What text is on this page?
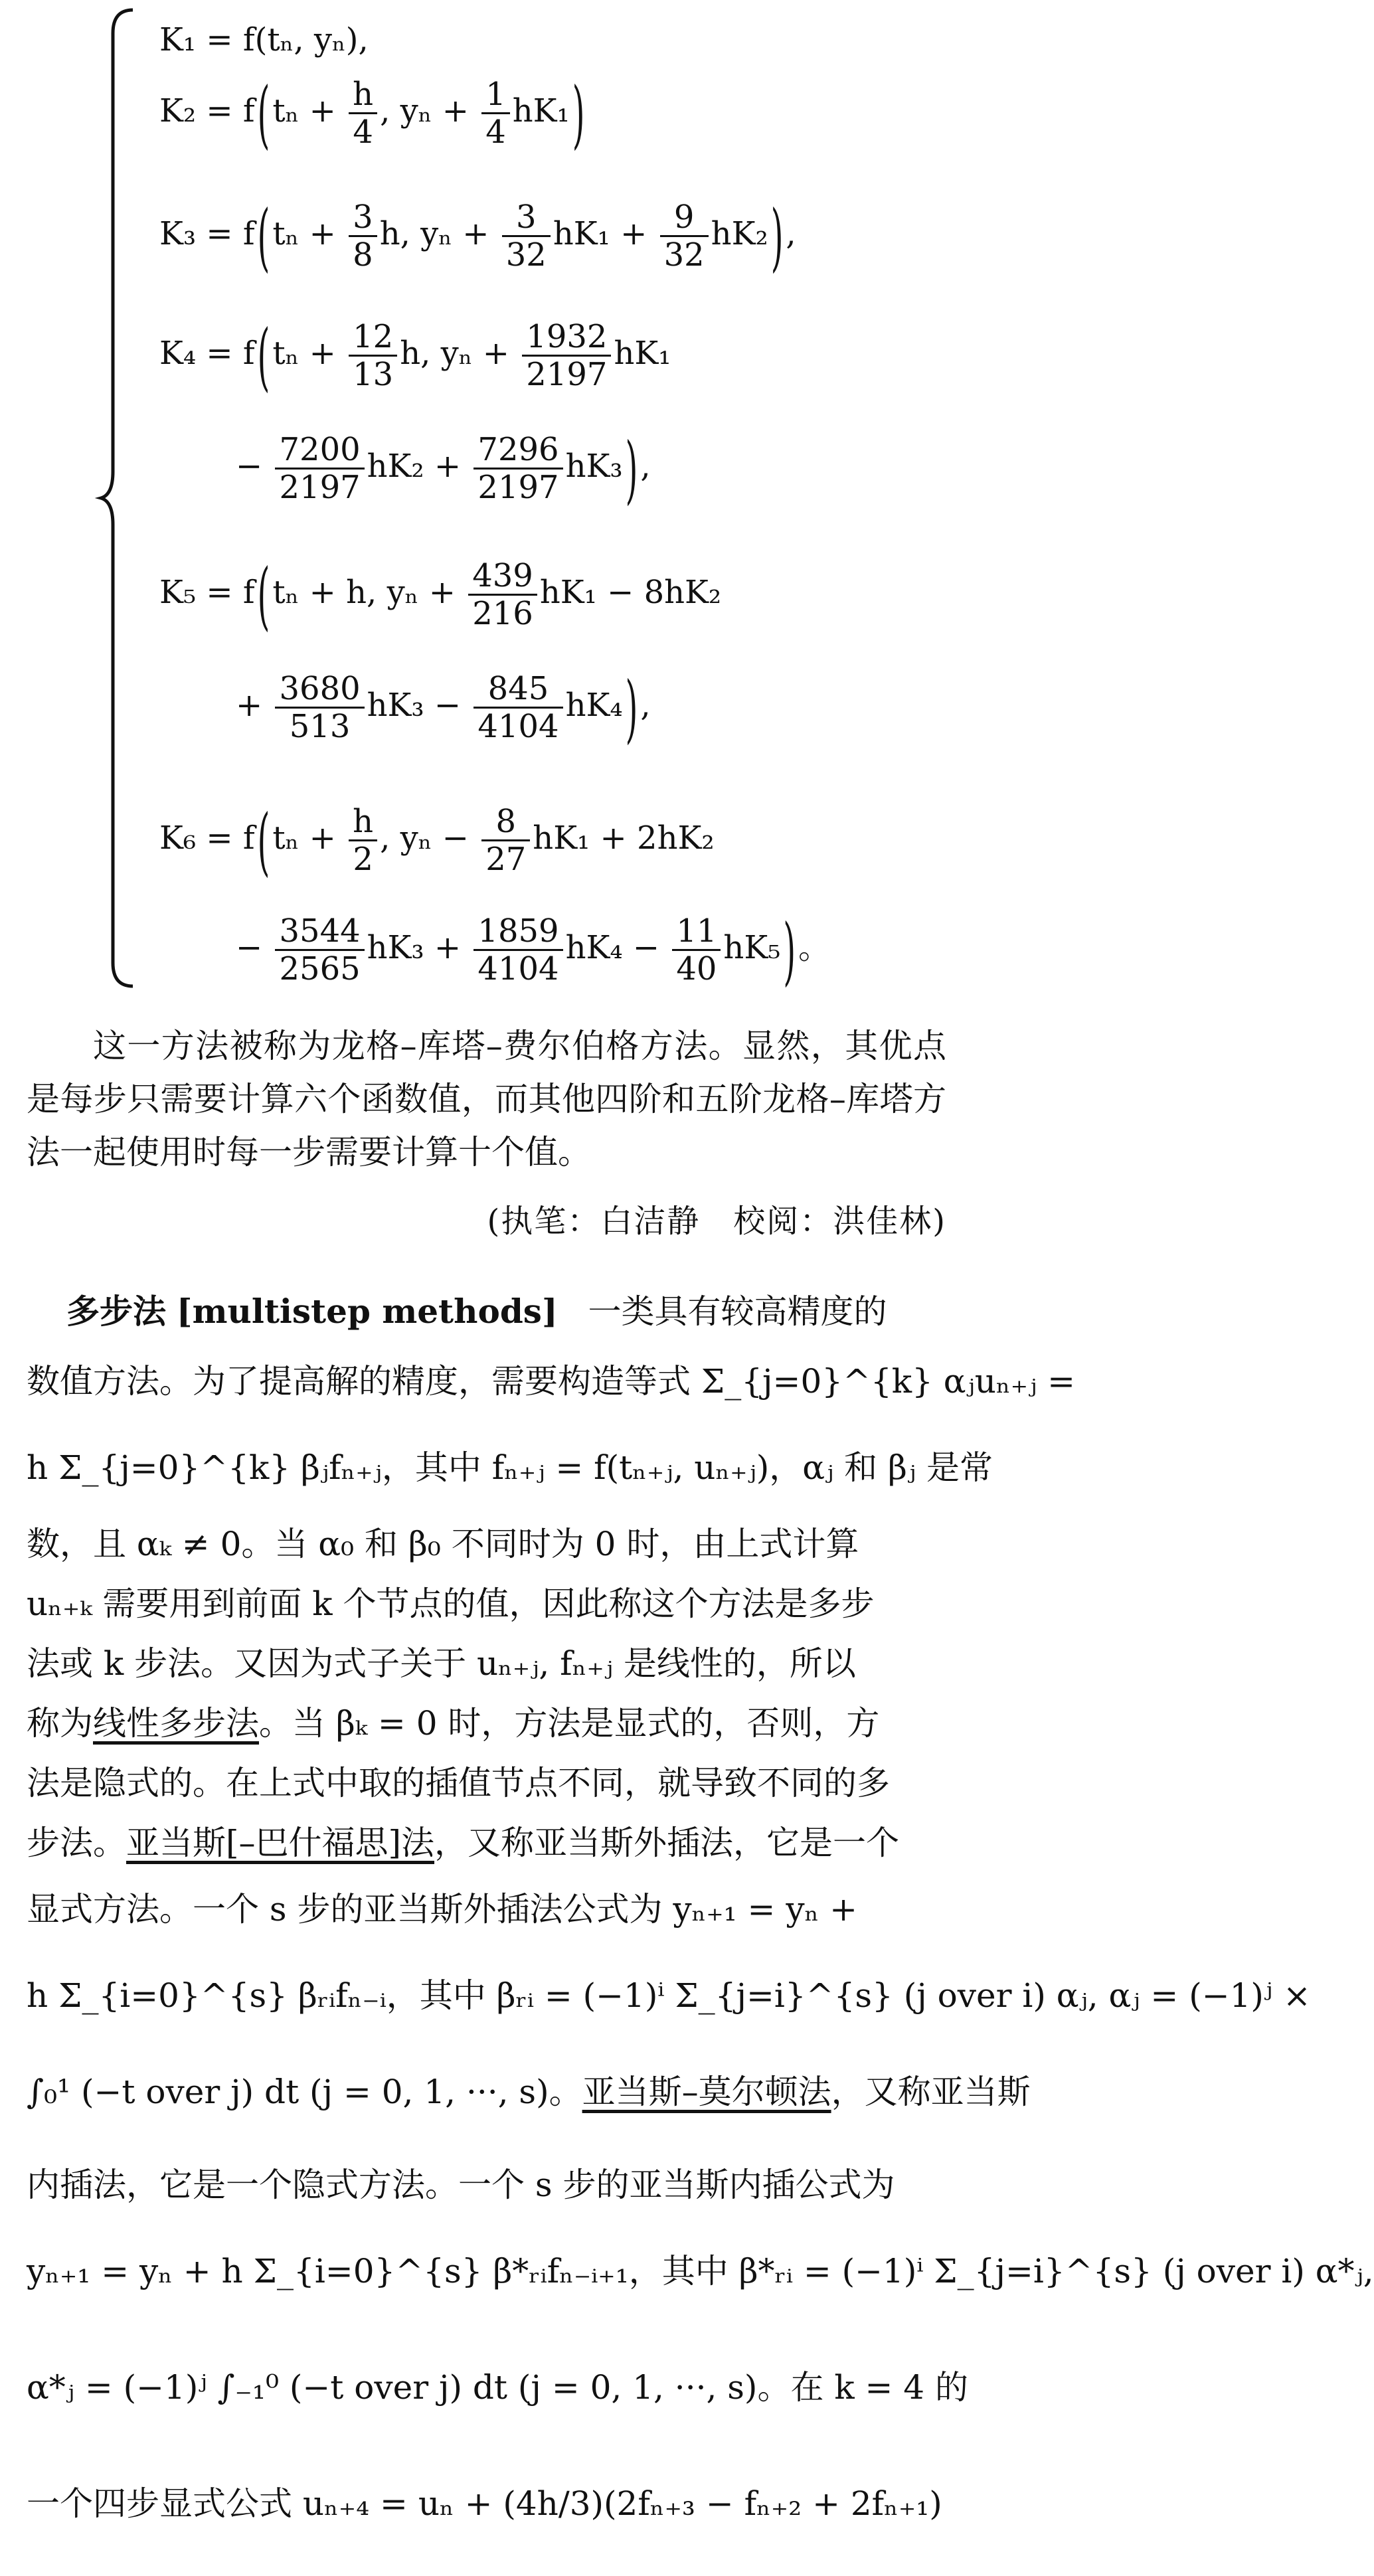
K₁ = f(tₙ, yₙ),
$K_2 = f(t_n + \frac{h}{4}$ , $y_n + \frac{1}{4} hK_1$)
$K_3 = f(t_n + \frac{3}{8} h$, $y_n + \frac{3}{32} hK_1 + \frac{9}{32} hK_2$),
$K_4 = f(t_n + \frac{12}{13} h$, $y_n + \frac{1932}{2197} hK_1$
− $\frac{7200}{2197} hK_2 + \frac{7296}{2197} hK_3$),
K₅ = f(tₙ + h, $y_n + \frac{439}{216} hK_1 - 8hK_2$
+ $\frac{3680}{513} hK_3 - \frac{845}{4104} hK_4$),
$K_6 = f(t_n + \frac{h}{2}$ , $y_n - \frac{8}{27} hK_1 + 2hK_2$
− $\frac{3544}{2565} hK_3 + \frac{1859}{4104} hK_4 - \frac{11}{40} hK_5$)。
这一方法被称为龙格–库塔–费尔伯格方法。显然，其优点是每步只需要计算六个函数值，而其他四阶和五阶龙格–库塔方法一起使用时每一步需要计算十个值。
(执笔：白洁静　校阅：洪佳林)
多步法 [multistep methods] 一类具有较高精度的
数值方法。为了提高解的精度，需要构造等式 Σ_{j=0}^{k} αⱼuₙ₊ⱼ =
h Σ_{j=0}^{k} βⱼfₙ₊ⱼ，其中 fₙ₊ⱼ = f(tₙ₊ⱼ, uₙ₊ⱼ)，αⱼ 和 βⱼ 是常
数，且 αₖ ≠ 0。当 α₀ 和 β₀ 不同时为 0 时，由上式计算
uₙ₊ₖ 需要用到前面 k 个节点的值，因此称这个方法是多步
法或 k 步法。又因为式子关于 uₙ₊ⱼ, fₙ₊ⱼ 是线性的，所以
称为线性多步法。当 βₖ = 0 时，方法是显式的，否则，方
法是隐式的。在上式中取的插值节点不同，就导致不同的多
步法。亚当斯[–巴什福思]法，又称亚当斯外插法，它是一个
显式方法。一个 s 步的亚当斯外插法公式为 yₙ₊₁ = yₙ +
h Σ_{i=0}^{s} βᵣᵢfₙ₋ᵢ，其中 βᵣᵢ = (−1)ⁱ Σ_{j=i}^{s} (j over i) αⱼ, αⱼ = (−1)ʲ ×
∫₀¹ (−t over j) dt (j = 0, 1, ···, s)。亚当斯–莫尔顿法，又称亚当斯
内插法，它是一个隐式方法。一个 s 步的亚当斯内插公式为
yₙ₊₁ = yₙ + h Σ_{i=0}^{s} β*ᵣᵢfₙ₋ᵢ₊₁，其中 β*ᵣᵢ = (−1)ⁱ Σ_{j=i}^{s} (j over i) α*ⱼ,
α*ⱼ = (−1)ʲ ∫₋₁⁰ (−t over j) dt (j = 0, 1, ···, s)。在 k = 4 的
一个四步显式公式 uₙ₊₄ = uₙ + (4h/3)(2fₙ₊₃ − fₙ₊₂ + 2fₙ₊₁)
